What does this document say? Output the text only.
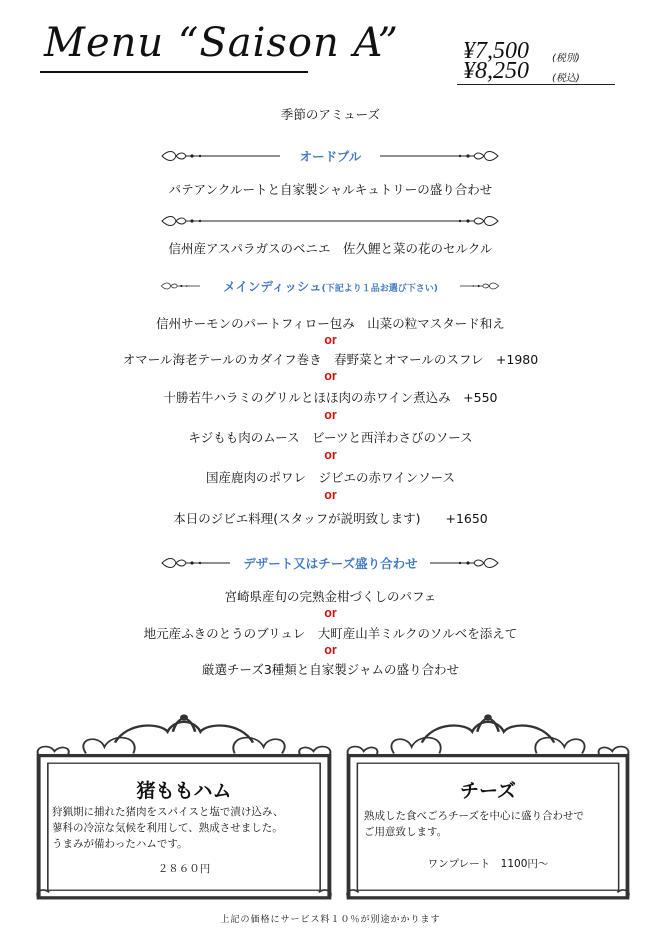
Menu “Saison A”	¥7,500 (税別)
¥8,250 (税込)
季節のアミューズ
オードブル
パテアンクルートと自家製シャルキュトリーの盛り合わせ
信州産アスパラガスのベニエ　佐久鯉と菜の花のセルクル
メインディッシュ(下記より１品お選び下さい)
信州サーモンのパートフィロー包み　山菜の粒マスタード和え
or
オマール海老テールのカダイフ巻き　春野菜とオマールのスフレ　+1980
or
十勝若牛ハラミのグリルとほほ肉の赤ワイン煮込み　+550
or
キジもも肉のムース　ビーツと西洋わさびのソース
or
国産鹿肉のポワレ　ジビエの赤ワインソース
or
本日のジビエ料理(スタッフが説明致します)　　+1650
デザート又はチーズ盛り合わせ
宮崎県産旬の完熟金柑づくしのパフェ
or
地元産ふきのとうのブリュレ　大町産山羊ミルクのソルベを添えて
or
厳選チーズ3種類と自家製ジャムの盛り合わせ
猪ももハム
狩猟期に捕れた猪肉をスパイスと塩で漬け込み、
蓼科の冷涼な気候を利用して、熟成させました。
うまみが備わったハムです。
２８６０円
チーズ
熟成した食べごろチーズを中心に盛り合わせで
ご用意致します。
ワンプレート　1100円～
上記の価格にサービス料１０％が別途かかります
